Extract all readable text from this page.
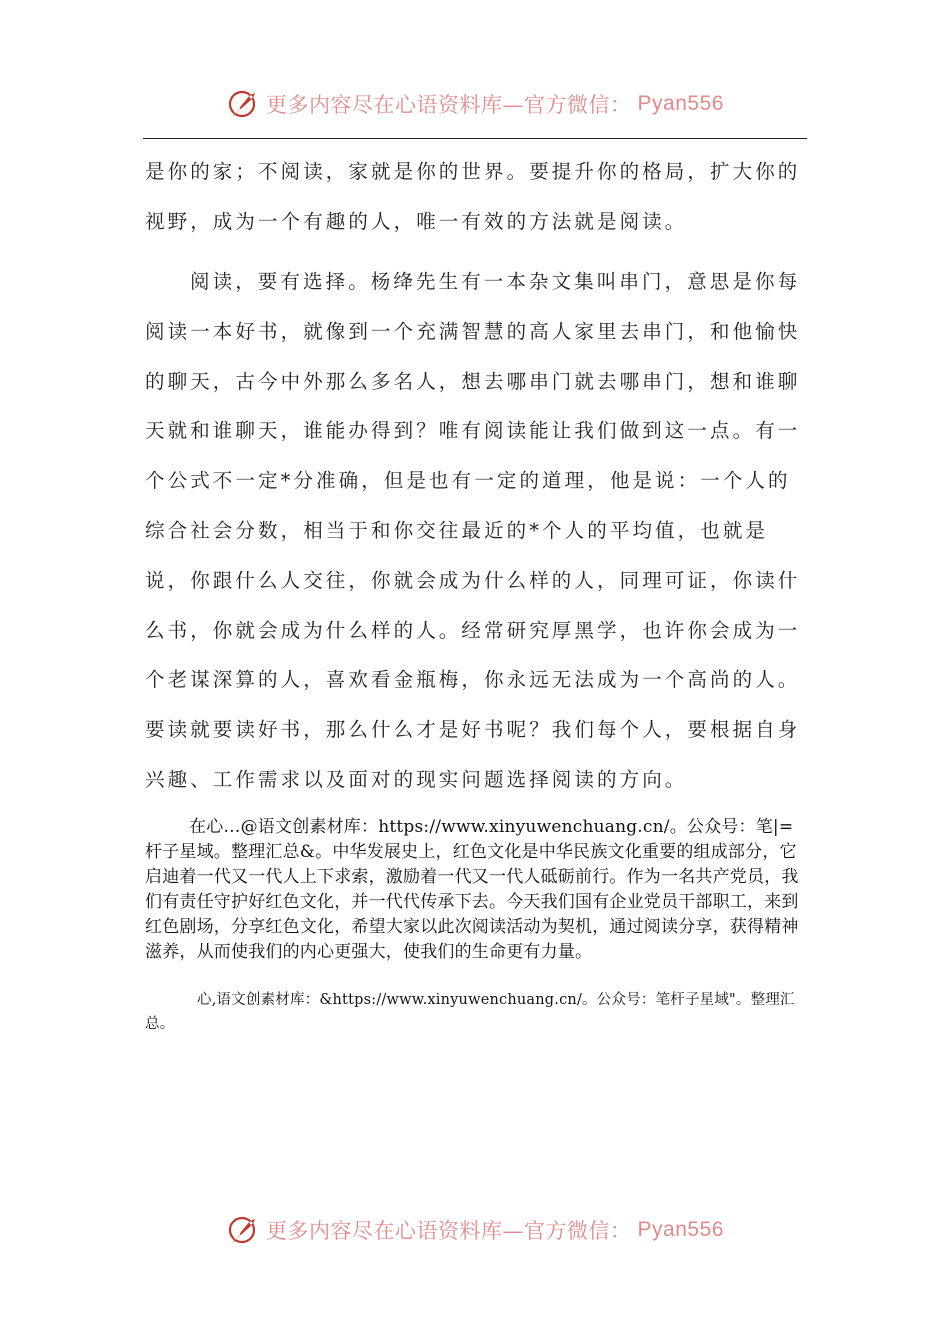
更多内容尽在心语资料库—官方微信： Pyan556

是你的家；不阅读，家就是你的世界。要提升你的格局，扩大你的视野，成为一个有趣的人，唯一有效的方法就是阅读。

阅读，要有选择。杨绛先生有一本杂文集叫串门，意思是你每阅读一本好书，就像到一个充满智慧的高人家里去串门，和他愉快的聊天，古今中外那么多名人，想去哪串门就去哪串门，想和谁聊天就和谁聊天，谁能办得到？唯有阅读能让我们做到这一点。有一个公式不一定*分准确，但是也有一定的道理，他是说：一个人的综合社会分数，相当于和你交往最近的*个人的平均值，也就是说，你跟什么人交往，你就会成为什么样的人，同理可证，你读什么书，你就会成为什么样的人。经常研究厚黑学，也许你会成为一个老谋深算的人，喜欢看金瓶梅，你永远无法成为一个高尚的人。要读就要读好书，那么什么才是好书呢？我们每个人，要根据自身兴趣、工作需求以及面对的现实问题选择阅读的方向。

在心…@语文创素材库：https://www.xinyuwenchuang.cn/。公众号：笔|=杆子星域。整理汇总&。中华发展史上，红色文化是中华民族文化重要的组成部分，它启迪着一代又一代人上下求索，激励着一代又一代人砥砺前行。作为一名共产党员，我们有责任守护好红色文化，并一代代传承下去。今天我们国有企业党员干部职工，来到红色剧场，分享红色文化，希望大家以此次阅读活动为契机，通过阅读分享，获得精神滋养，从而使我们的内心更强大，使我们的生命更有力量。

心,语文创素材库：&https://www.xinyuwenchuang.cn/。公众号：笔杆子星域"。整理汇总。

更多内容尽在心语资料库—官方微信： Pyan556
